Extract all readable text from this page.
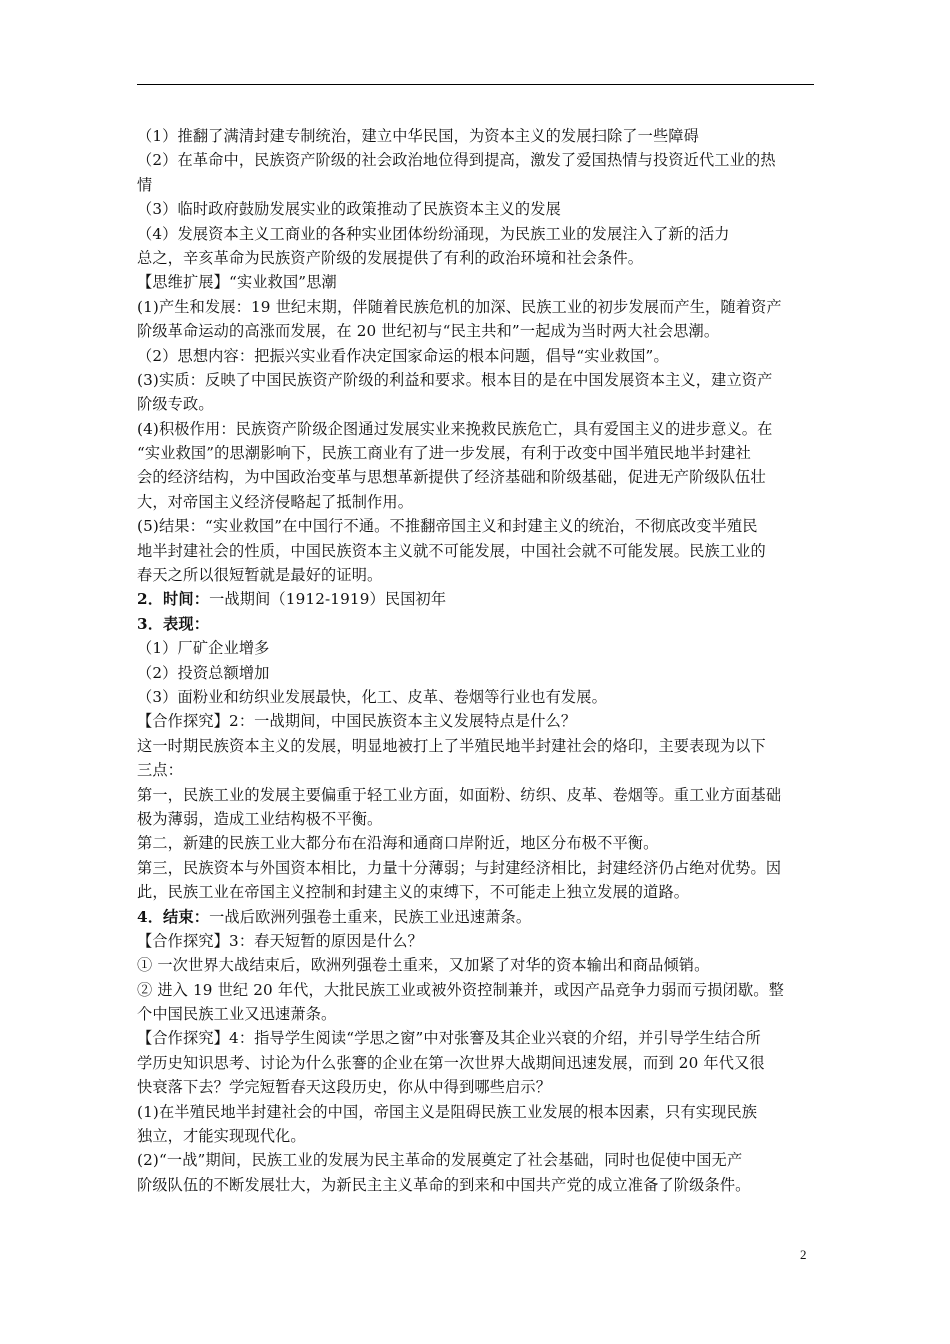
（1）推翻了满清封建专制统治，建立中华民国，为资本主义的发展扫除了一些障碍
（2）在革命中，民族资产阶级的社会政治地位得到提高，激发了爱国热情与投资近代工业的热
情
（3）临时政府鼓励发展实业的政策推动了民族资本主义的发展
（4）发展资本主义工商业的各种实业团体纷纷涌现，为民族工业的发展注入了新的活力
总之，辛亥革命为民族资产阶级的发展提供了有利的政治环境和社会条件。
【思维扩展】“实业救国”思潮
(1)产生和发展：19 世纪末期，伴随着民族危机的加深、民族工业的初步发展而产生，随着资产
阶级革命运动的高涨而发展，在 20 世纪初与“民主共和”一起成为当时两大社会思潮。
（2）思想内容：把振兴实业看作决定国家命运的根本问题，倡导“实业救国”。
(3)实质：反映了中国民族资产阶级的利益和要求。根本目的是在中国发展资本主义，建立资产
阶级专政。
(4)积极作用：民族资产阶级企图通过发展实业来挽救民族危亡，具有爱国主义的进步意义。在
“实业救国”的思潮影响下，民族工商业有了进一步发展，有利于改变中国半殖民地半封建社
会的经济结构，为中国政治变革与思想革新提供了经济基础和阶级基础，促进无产阶级队伍壮
大，对帝国主义经济侵略起了抵制作用。
(5)结果：“实业救国”在中国行不通。不推翻帝国主义和封建主义的统治，不彻底改变半殖民
地半封建社会的性质，中国民族资本主义就不可能发展，中国社会就不可能发展。民族工业的
春天之所以很短暂就是最好的证明。
2．时间：一战期间（1912-1919）民国初年
3．表现：
（1）厂矿企业增多
（2）投资总额增加
（3）面粉业和纺织业发展最快，化工、皮革、卷烟等行业也有发展。
【合作探究】2：一战期间，中国民族资本主义发展特点是什么？
这一时期民族资本主义的发展，明显地被打上了半殖民地半封建社会的烙印，主要表现为以下
三点：
第一，民族工业的发展主要偏重于轻工业方面，如面粉、纺织、皮革、卷烟等。重工业方面基础
极为薄弱，造成工业结构极不平衡。
第二，新建的民族工业大都分布在沿海和通商口岸附近，地区分布极不平衡。
第三，民族资本与外国资本相比，力量十分薄弱；与封建经济相比，封建经济仍占绝对优势。因
此，民族工业在帝国主义控制和封建主义的束缚下，不可能走上独立发展的道路。
4．结束：一战后欧洲列强卷土重来，民族工业迅速萧条。
【合作探究】3：春天短暂的原因是什么？
① 一次世界大战结束后，欧洲列强卷土重来，又加紧了对华的资本输出和商品倾销。
② 进入 19 世纪 20 年代，大批民族工业或被外资控制兼并，或因产品竞争力弱而亏损闭歇。整
个中国民族工业又迅速萧条。
【合作探究】4：指导学生阅读“学思之窗”中对张謇及其企业兴衰的介绍，并引导学生结合所
学历史知识思考、讨论为什么张謇的企业在第一次世界大战期间迅速发展，而到 20 年代又很
快衰落下去？学完短暂春天这段历史，你从中得到哪些启示？
(1)在半殖民地半封建社会的中国，帝国主义是阻碍民族工业发展的根本因素，只有实现民族
独立，才能实现现代化。
(2)“一战”期间，民族工业的发展为民主革命的发展奠定了社会基础，同时也促使中国无产
阶级队伍的不断发展壮大，为新民主主义革命的到来和中国共产党的成立准备了阶级条件。
2
